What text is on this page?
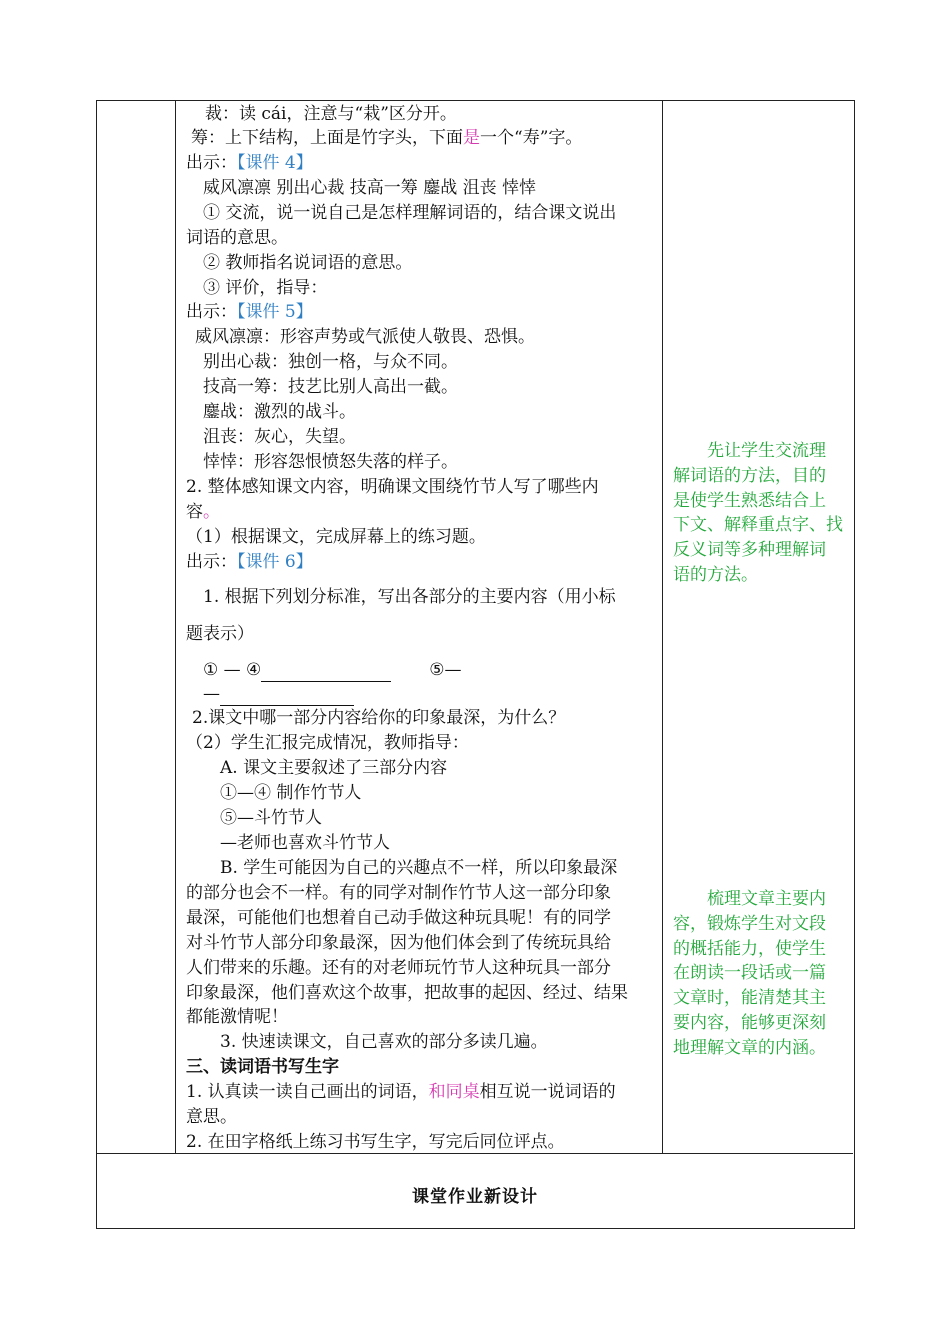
裁：读 cái，注意与“栽”区分开。
筹：上下结构，上面是竹字头，下面是一个“寿”字。
出示：【课件 4】
威风凛凛 别出心裁 技高一筹 鏖战 沮丧 悻悻
① 交流，说一说自己是怎样理解词语的，结合课文说出
词语的意思。
② 教师指名说词语的意思。
③ 评价，指导：
出示：【课件 5】
威风凛凛：形容声势或气派使人敬畏、恐惧。
别出心裁：独创一格，与众不同。
技高一筹：技艺比别人高出一截。
鏖战：激烈的战斗。
沮丧：灰心，失望。
悻悻：形容怨恨愤怒失落的样子。
2. 整体感知课文内容，明确课文围绕竹节人写了哪些内
容。
（1）根据课文，完成屏幕上的练习题。
出示：【课件 6】
1. 根据下列划分标准，写出各部分的主要内容（用小标
题表示）
① — ④	⑤—
—
2.课文中哪一部分内容给你的印象最深，为什么？
（2）学生汇报完成情况，教师指导：
A. 课文主要叙述了三部分内容
①—④ 制作竹节人
⑤—斗竹节人
—老师也喜欢斗竹节人
B. 学生可能因为自己的兴趣点不一样，所以印象最深
的部分也会不一样。有的同学对制作竹节人这一部分印象
最深，可能他们也想着自己动手做这种玩具呢！有的同学
对斗竹节人部分印象最深，因为他们体会到了传统玩具给
人们带来的乐趣。还有的对老师玩竹节人这种玩具一部分
印象最深，他们喜欢这个故事，把故事的起因、经过、结果
都能激情呢！
3. 快速读课文，自己喜欢的部分多读几遍。
三、读词语书写生字
1. 认真读一读自己画出的词语，和同桌相互说一说词语的
意思。
2. 在田字格纸上练习书写生字，写完后同位评点。
先让学生交流理
解词语的方法，目的
是使学生熟悉结合上
下文、解释重点字、找
反义词等多种理解词
语的方法。
梳理文章主要内
容，锻炼学生对文段
的概括能力，使学生
在朗读一段话或一篇
文章时，能清楚其主
要内容，能够更深刻
地理解文章的内涵。
课堂作业新设计
